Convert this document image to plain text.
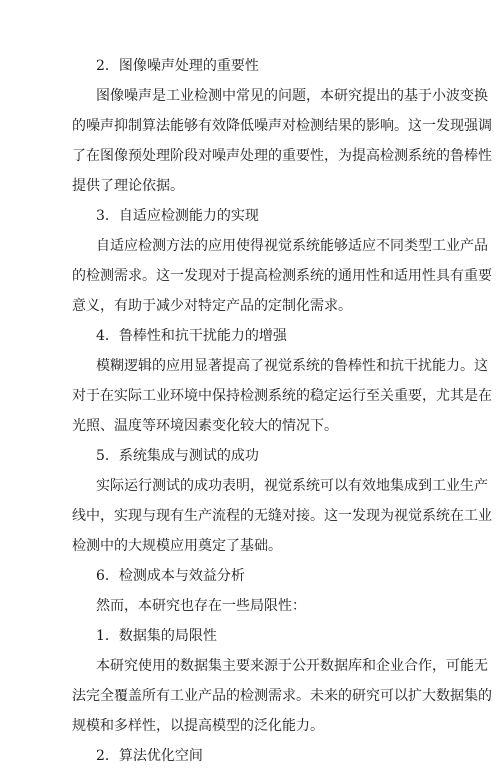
2．图像噪声处理的重要性

图像噪声是工业检测中常见的问题，本研究提出的基于小波变换

的噪声抑制算法能够有效降低噪声对检测结果的影响。这一发现强调

了在图像预处理阶段对噪声处理的重要性，为提高检测系统的鲁棒性

提供了理论依据。

3．自适应检测能力的实现

自适应检测方法的应用使得视觉系统能够适应不同类型工业产品

的检测需求。这一发现对于提高检测系统的通用性和适用性具有重要

意义，有助于减少对特定产品的定制化需求。

4．鲁棒性和抗干扰能力的增强

模糊逻辑的应用显著提高了视觉系统的鲁棒性和抗干扰能力。这

对于在实际工业环境中保持检测系统的稳定运行至关重要，尤其是在

光照、温度等环境因素变化较大的情况下。

5．系统集成与测试的成功

实际运行测试的成功表明，视觉系统可以有效地集成到工业生产

线中，实现与现有生产流程的无缝对接。这一发现为视觉系统在工业

检测中的大规模应用奠定了基础。

6．检测成本与效益分析

然而，本研究也存在一些局限性：

1．数据集的局限性

本研究使用的数据集主要来源于公开数据库和企业合作，可能无

法完全覆盖所有工业产品的检测需求。未来的研究可以扩大数据集的

规模和多样性，以提高模型的泛化能力。

2．算法优化空间
